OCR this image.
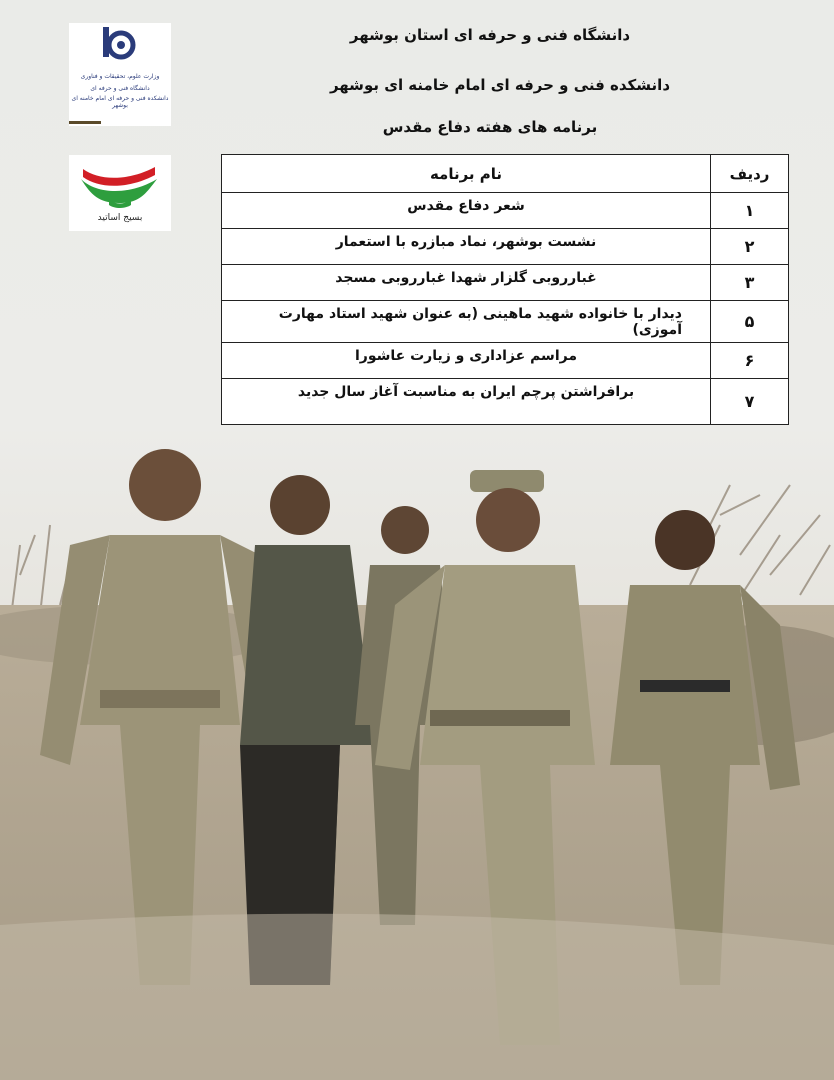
وزارت علوم، تحقیقات و فناوری
دانشگاه فنی و حرفه ای
دانشکده فنی و حرفه ای امام خامنه ای بوشهر
بسیج اساتید
دانشگاه فنی و حرفه ای استان بوشهر
دانشکده فنی و حرفه ای امام خامنه ای بوشهر
برنامه های هفته دفاع مقدس
ردیف	نام برنامه
۱	شعر دفاع مقدس
۲	نشست بوشهر، نماد مبازره با استعمار
۳	غبارروبی گلزار شهدا غبارروبی مسجد
۵	دیدار با خانواده شهید ماهینی (به عنوان شهید استاد مهارت آموزی)
۶	مراسم عزاداری و زیارت عاشورا
۷	برافراشتن پرچم ایران به مناسبت آغاز سال جدید
